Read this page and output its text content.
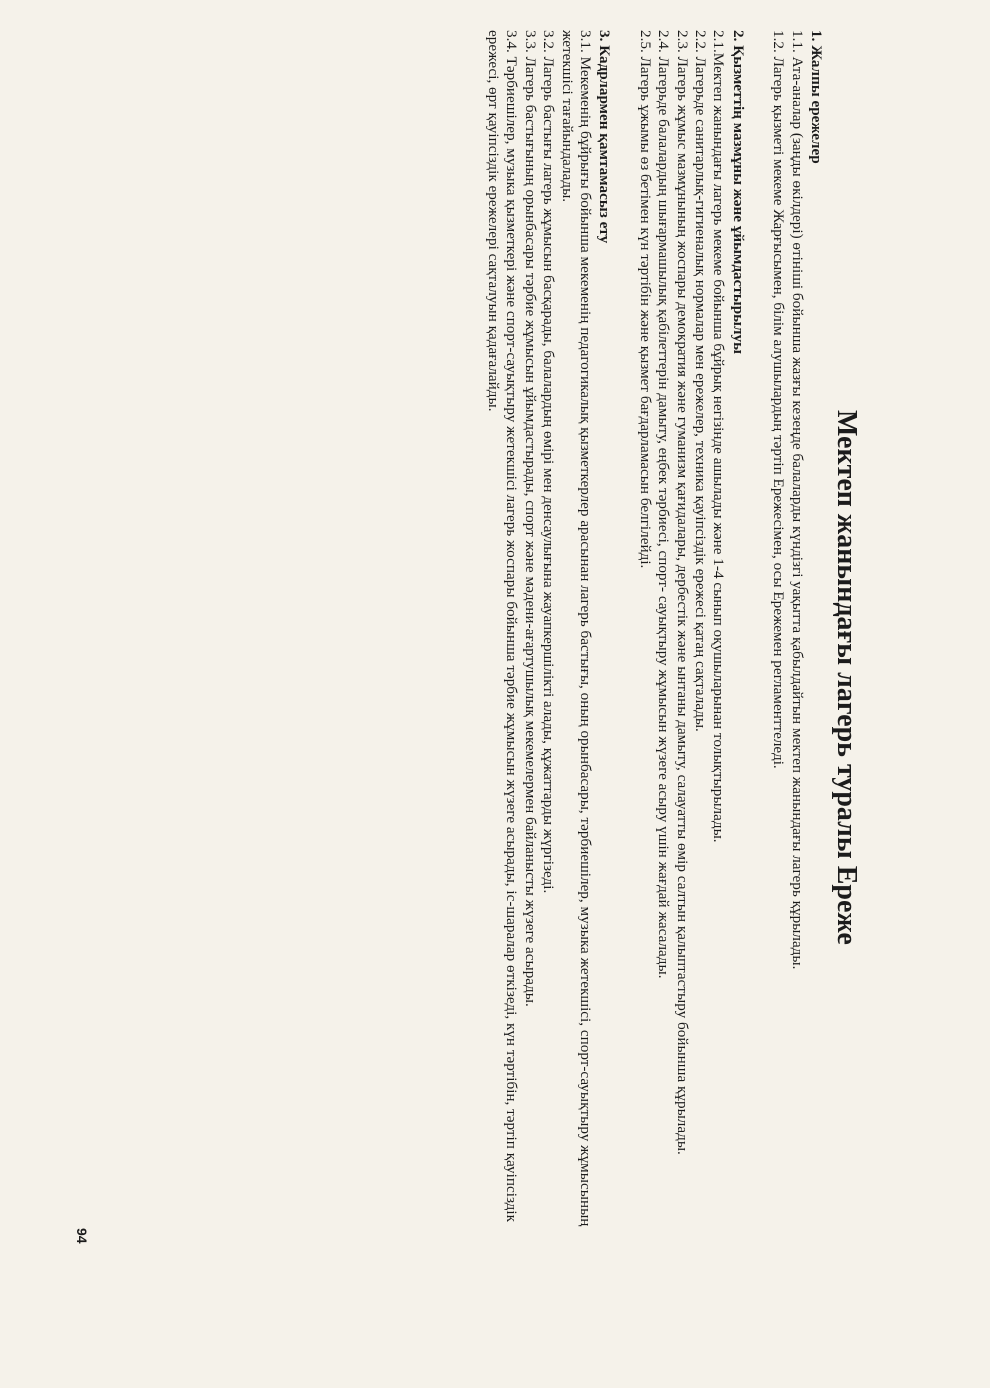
Мектеп жанындағы лагерь туралы Ереже
1. Жалпы ережелер
1.1. Ата-аналар (заңды өкілдері) өтініші бойынша жазғы кезеңде балаларды күндізгі уақытта қабылдайтын мектеп жанындағы лагерь құрылады.
1.2. Лагерь қызметі мекеме Жарғысымен, білім алушылардың тәртіп Ережесімен, осы Ережемен регламенттеледі.
2. Қызметтің мазмұны және ұйымдастырылуы
2.1.Мектеп жанындағы лагерь мекеме бойынша бұйрық негізінде ашылады және 1-4 сынып оқушыларынан толықтырылады.
2.2. Лагерьде санитарлық-гигиеналық нормалар мен ережелер, техника қауіпсіздік ережесі қатаң сақталады.
2.3. Лагерь жұмыс мазмұнының жоспары демократия және гуманизм қағидалары, дербестік және ынтаны дамыту, салауатты өмір салтын қалыптастыру бойынша құрылады.
2.4. Лагерьде балалардың шығармашылық қабілеттерін дамыту, еңбек тәрбиесі, спорт- сауықтыру жұмысын жүзеге асыру үшін жағдай жасалады.
2.5. Лагерь ұжымы өз бетімен күн тәртібін және қызмет бағдарламасын белгілейді.
3. Кадрлармен қамтамасыз ету
3.1. Мекеменің бұйрығы бойынша мекеменің педагогикалық қызметкерлер арасынан лагерь бастығы, оның орынбасары, тәрбиешілер, музыка жетекшісі, спорт-сауықтыру жұмысының жетекшісі тағайындалады.
3.2. Лагерь бастығы лагерь жұмысын басқарады, балалардың өмірі мен денсаулығына жауапкершілікті алады, құжаттарды жүргізеді.
3.3. Лагерь бастығының орынбасары тәрбие жұмысын ұйымдастырады, спорт және мәдени-ағартушылық мекемелермен байланысты жүзеге асырады.
3.4. Тәрбиешілер, музыка қызметкері және спорт-сауықтыру жетекшісі лагерь жоспары бойынша тәрбие жұмысын жүзеге асырады, іс-шаралар өткізеді, күн тәртібін, тәртіп қауіпсіздік ережесі, өрт қауіпсіздік ережелері сақталуын қадағалайды.
94
